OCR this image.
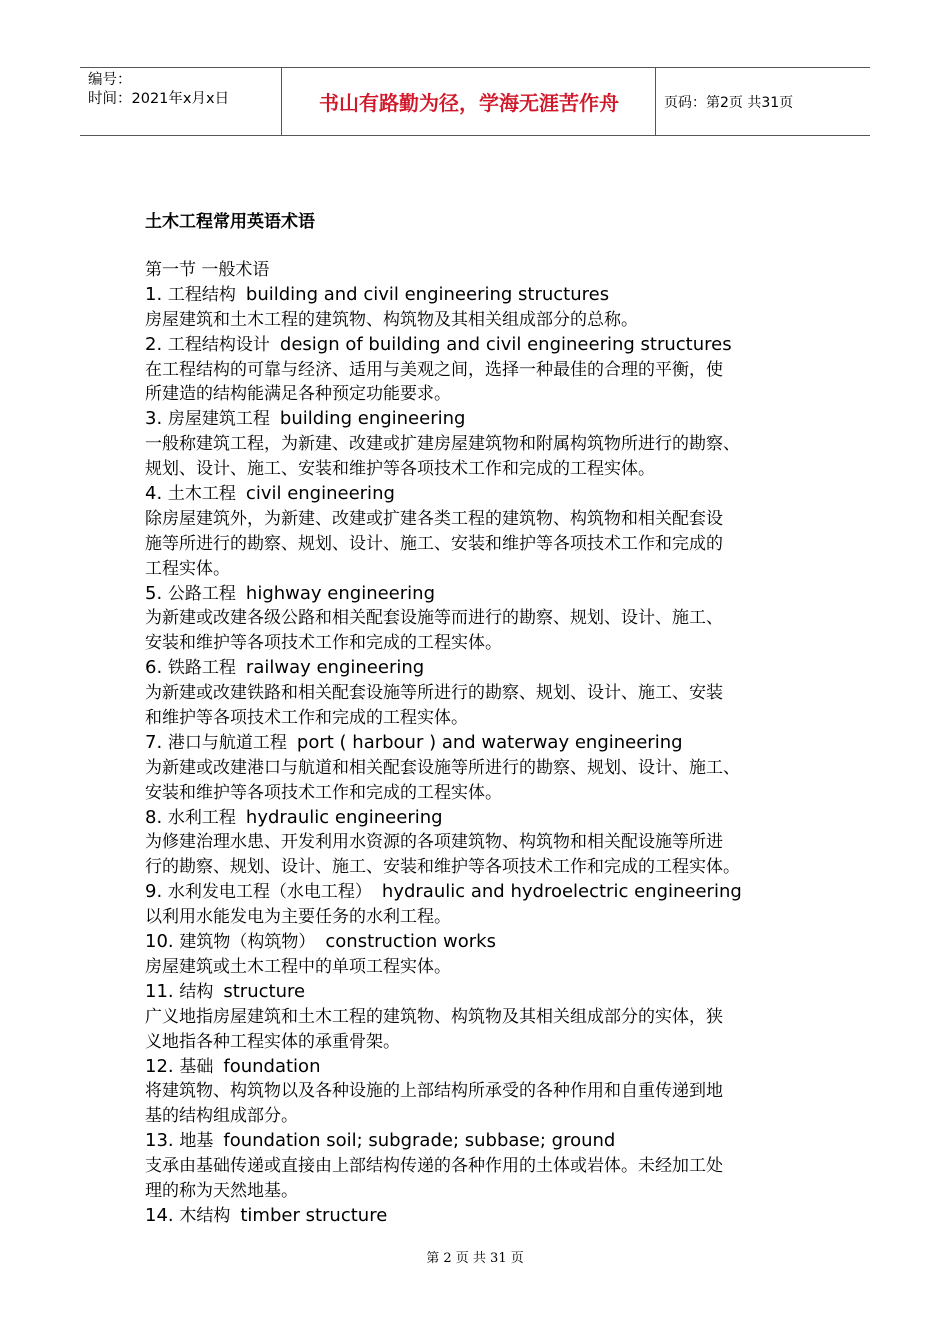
编号：
时间：2021年x月x日	书山有路勤为径，学海无涯苦作舟	页码：第2页 共31页
土木工程常用英语术语
第一节 一般术语
1. 工程结构 building and civil engineering structures
房屋建筑和土木工程的建筑物、构筑物及其相关组成部分的总称。
2. 工程结构设计 design of building and civil engineering structures
在工程结构的可靠与经济、适用与美观之间，选择一种最佳的合理的平衡，使
所建造的结构能满足各种预定功能要求。
3. 房屋建筑工程 building engineering
一般称建筑工程，为新建、改建或扩建房屋建筑物和附属构筑物所进行的勘察、
规划、设计、施工、安装和维护等各项技术工作和完成的工程实体。
4. 土木工程 civil engineering
除房屋建筑外，为新建、改建或扩建各类工程的建筑物、构筑物和相关配套设
施等所进行的勘察、规划、设计、施工、安装和维护等各项技术工作和完成的
工程实体。
5. 公路工程 highway engineering
为新建或改建各级公路和相关配套设施等而进行的勘察、规划、设计、施工、
安装和维护等各项技术工作和完成的工程实体。
6. 铁路工程 railway engineering
为新建或改建铁路和相关配套设施等所进行的勘察、规划、设计、施工、安装
和维护等各项技术工作和完成的工程实体。
7. 港口与航道工程 port ( harbour ) and waterway engineering
为新建或改建港口与航道和相关配套设施等所进行的勘察、规划、设计、施工、
安装和维护等各项技术工作和完成的工程实体。
8. 水利工程 hydraulic engineering
为修建治理水患、开发利用水资源的各项建筑物、构筑物和相关配设施等所进
行的勘察、规划、设计、施工、安装和维护等各项技术工作和完成的工程实体。
9. 水利发电工程（水电工程） hydraulic and hydroelectric engineering
以利用水能发电为主要任务的水利工程。
10. 建筑物（构筑物） construction works
房屋建筑或土木工程中的单项工程实体。
11. 结构 structure
广义地指房屋建筑和土木工程的建筑物、构筑物及其相关组成部分的实体，狭
义地指各种工程实体的承重骨架。
12. 基础 foundation
将建筑物、构筑物以及各种设施的上部结构所承受的各种作用和自重传递到地
基的结构组成部分。
13. 地基 foundation soil; subgrade; subbase; ground
支承由基础传递或直接由上部结构传递的各种作用的土体或岩体。未经加工处
理的称为天然地基。
14. 木结构 timber structure
第 2 页 共 31 页
